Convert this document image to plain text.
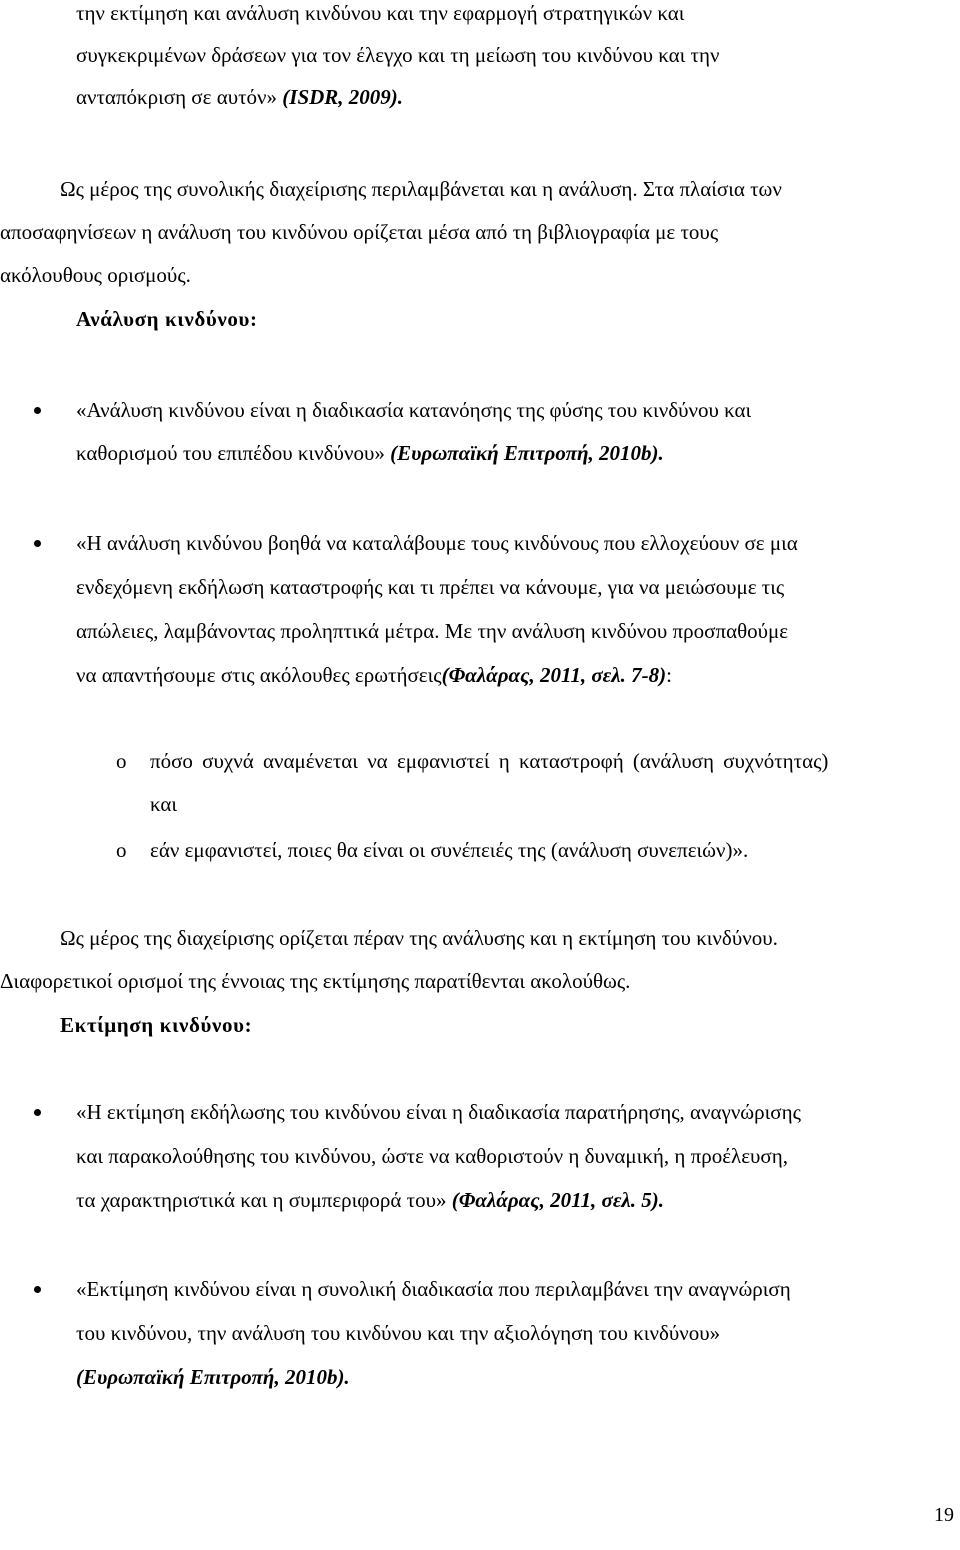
την εκτίμηση και ανάλυση κινδύνου και την εφαρμογή στρατηγικών και
συγκεκριμένων δράσεων για τον έλεγχο και τη μείωση του κινδύνου και την
ανταπόκριση σε αυτόν» (ISDR, 2009).
Ως μέρος της συνολικής διαχείρισης περιλαμβάνεται και η ανάλυση. Στα πλαίσια των
αποσαφηνίσεων η ανάλυση του κινδύνου ορίζεται μέσα από τη βιβλιογραφία με τους
ακόλουθους ορισμούς.
Ανάλυση κινδύνου:
«Ανάλυση κινδύνου είναι η διαδικασία κατανόησης της φύσης του κινδύνου και
καθορισμού του επιπέδου κινδύνου» (Ευρωπαϊκή Επιτροπή, 2010b).
«Η ανάλυση κινδύνου βοηθά να καταλάβουμε τους κινδύνους που ελλοχεύουν σε μια
ενδεχόμενη εκδήλωση καταστροφής και τι πρέπει να κάνουμε, για να μειώσουμε τις
απώλειες, λαμβάνοντας προληπτικά μέτρα. Με την ανάλυση κινδύνου προσπαθούμε
να απαντήσουμε στις ακόλουθες ερωτήσεις(Φαλάρας, 2011, σελ. 7-8):
o πόσο συχνά αναμένεται να εμφανιστεί η καταστροφή (ανάλυση συχνότητας)
και
o εάν εμφανιστεί, ποιες θα είναι οι συνέπειές της (ανάλυση συνεπειών)».
Ως μέρος της διαχείρισης ορίζεται πέραν της ανάλυσης και η εκτίμηση του κινδύνου.
Διαφορετικοί ορισμοί της έννοιας της εκτίμησης παρατίθενται ακολούθως.
Εκτίμηση κινδύνου:
«Η εκτίμηση εκδήλωσης του κινδύνου είναι η διαδικασία παρατήρησης, αναγνώρισης
και παρακολούθησης του κινδύνου, ώστε να καθοριστούν η δυναμική, η προέλευση,
τα χαρακτηριστικά και η συμπεριφορά του» (Φαλάρας, 2011, σελ. 5).
«Εκτίμηση κινδύνου είναι η συνολική διαδικασία που περιλαμβάνει την αναγνώριση
του κινδύνου, την ανάλυση του κινδύνου και την αξιολόγηση του κινδύνου»
(Ευρωπαϊκή Επιτροπή, 2010b).
19
